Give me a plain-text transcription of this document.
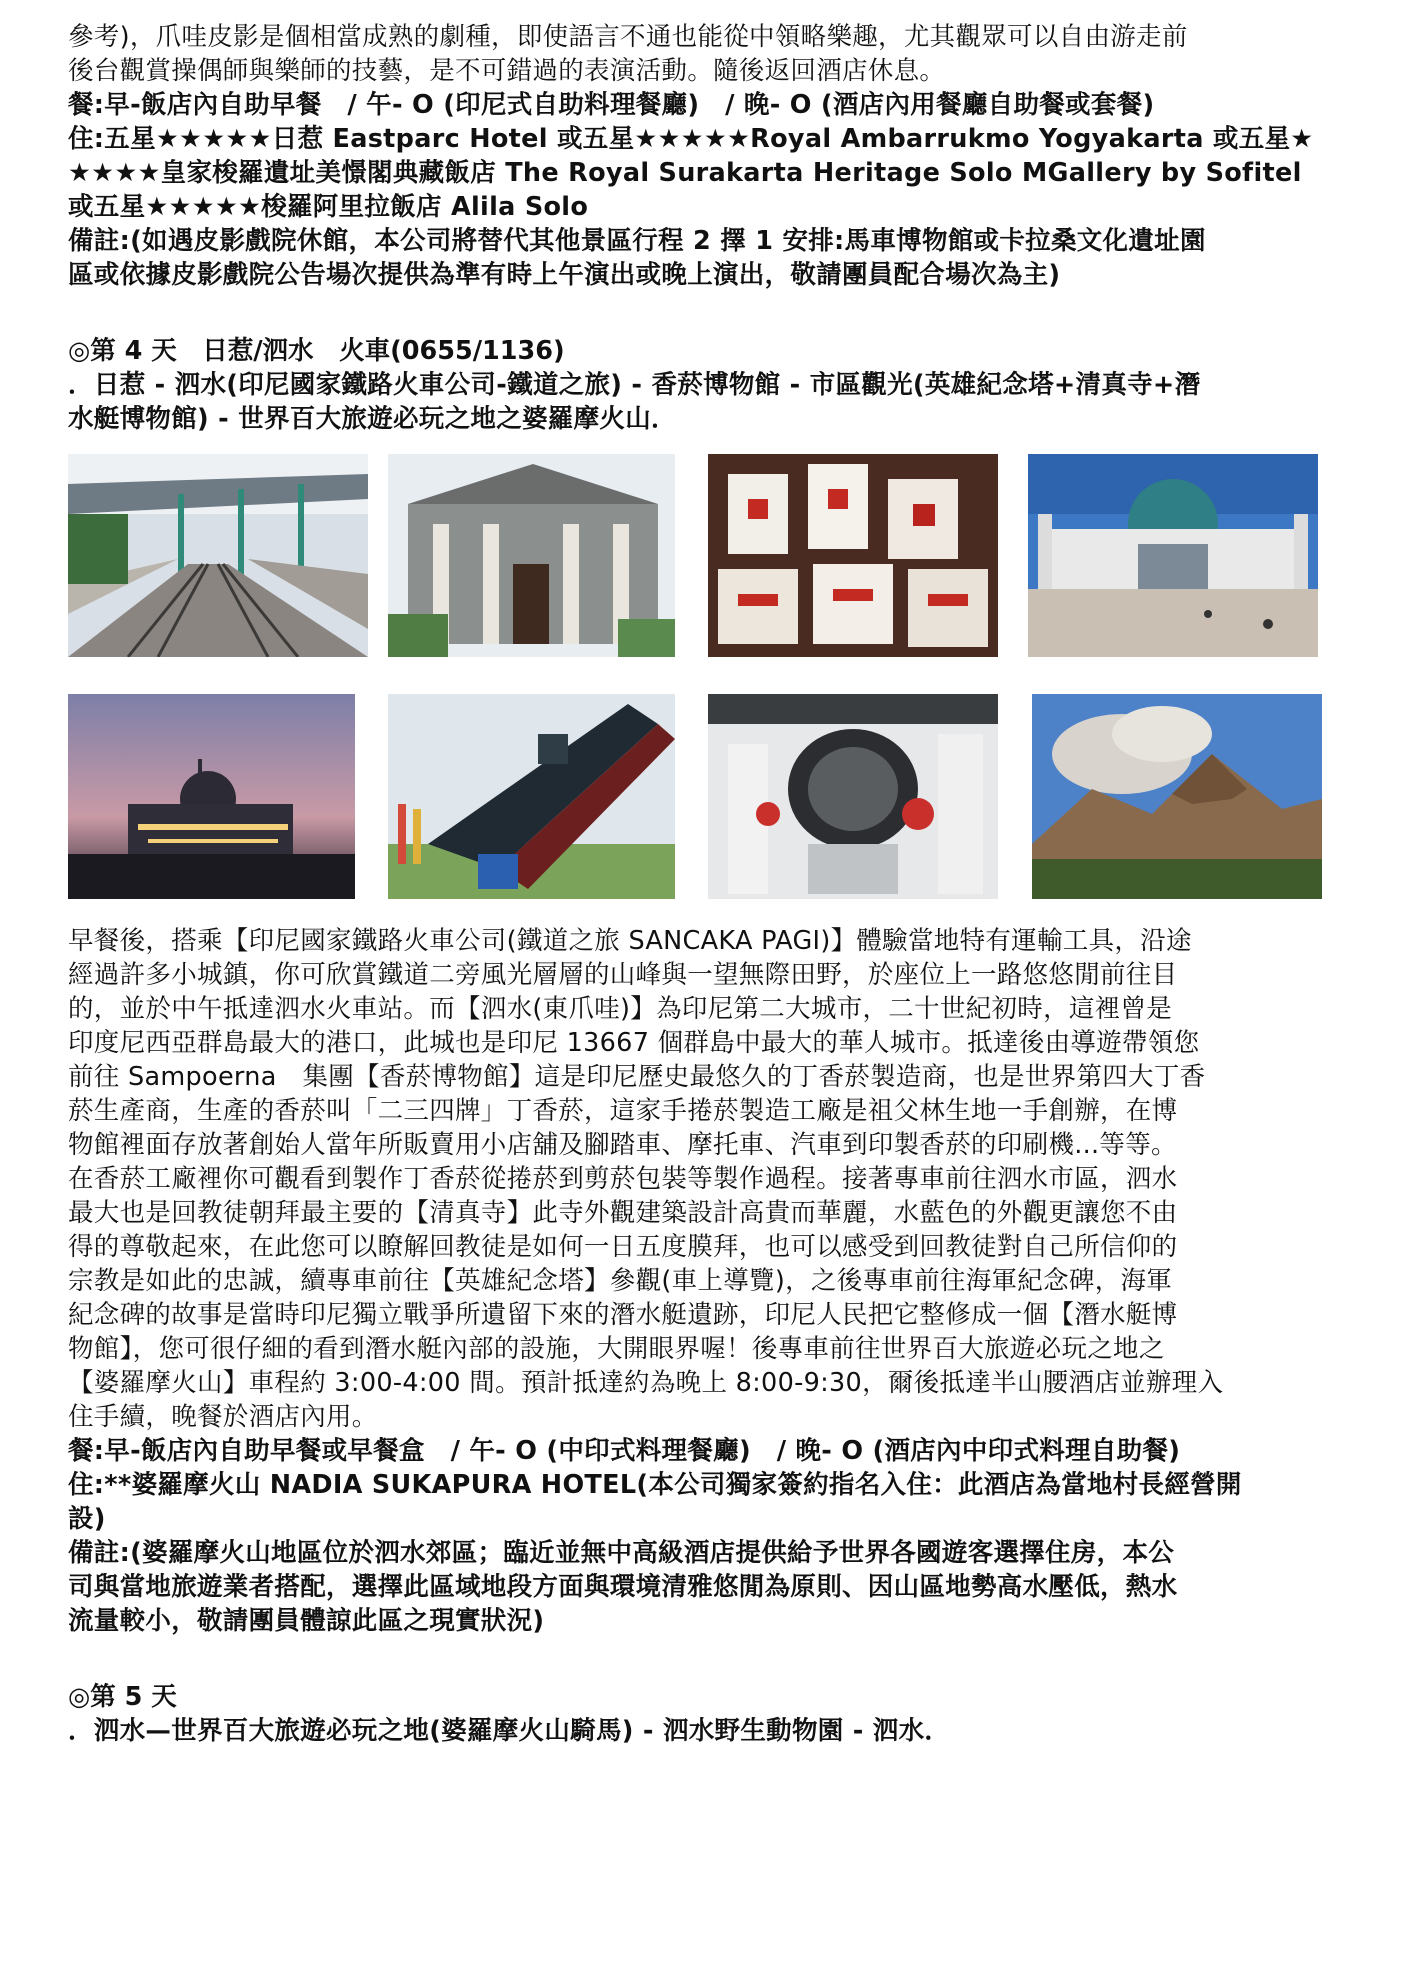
參考)，爪哇皮影是個相當成熟的劇種，即使語言不通也能從中領略樂趣，尤其觀眾可以自由游走前

後台觀賞操偶師與樂師的技藝，是不可錯過的表演活動。隨後返回酒店休息。

餐:早-飯店內自助早餐　/ 午- O (印尼式自助料理餐廳)　/ 晚- O (酒店內用餐廳自助餐或套餐)

住:五星★★★★★日惹 Eastparc Hotel 或五星★★★★★Royal Ambarrukmo Yogyakarta 或五星★

★★★★皇家梭羅遺址美憬閣典藏飯店 The Royal Surakarta Heritage Solo MGallery by Sofitel

或五星★★★★★梭羅阿里拉飯店 Alila Solo

備註:(如遇皮影戲院休館，本公司將替代其他景區行程 2 擇 1 安排:馬車博物館或卡拉桑文化遺址園

區或依據皮影戲院公告場次提供為準有時上午演出或晚上演出，敬請團員配合場次為主)

◎第 4 天　日惹/泗水　火車(0655/1136)

．日惹 - 泗水(印尼國家鐵路火車公司-鐵道之旅) - 香菸博物館 - 市區觀光(英雄紀念塔+清真寺+潛

水艇博物館) - 世界百大旅遊必玩之地之婆羅摩火山．

早餐後，搭乘【印尼國家鐵路火車公司(鐵道之旅 SANCAKA PAGI)】體驗當地特有運輸工具，沿途

經過許多小城鎮，你可欣賞鐵道二旁風光層層的山峰與一望無際田野，於座位上一路悠悠閒前往目

的，並於中午抵達泗水火車站。而【泗水(東爪哇)】為印尼第二大城市，二十世紀初時，這裡曾是

印度尼西亞群島最大的港口，此城也是印尼 13667 個群島中最大的華人城市。抵達後由導遊帶領您

前往 Sampoerna　集團【香菸博物館】這是印尼歷史最悠久的丁香菸製造商，也是世界第四大丁香

菸生產商，生產的香菸叫「二三四牌」丁香菸，這家手捲菸製造工廠是祖父林生地一手創辦，在博

物館裡面存放著創始人當年所販賣用小店舖及腳踏車、摩托車、汽車到印製香菸的印刷機...等等。

在香菸工廠裡你可觀看到製作丁香菸從捲菸到剪菸包裝等製作過程。接著專車前往泗水市區，泗水

最大也是回教徒朝拜最主要的【清真寺】此寺外觀建築設計高貴而華麗，水藍色的外觀更讓您不由

得的尊敬起來，在此您可以瞭解回教徒是如何一日五度膜拜，也可以感受到回教徒對自己所信仰的

宗教是如此的忠誠，續專車前往【英雄紀念塔】參觀(車上導覽)，之後專車前往海軍紀念碑，海軍

紀念碑的故事是當時印尼獨立戰爭所遺留下來的潛水艇遺跡，印尼人民把它整修成一個【潛水艇博

物館】，您可很仔細的看到潛水艇內部的設施，大開眼界喔！後專車前往世界百大旅遊必玩之地之

【婆羅摩火山】車程約 3:00-4:00 間。預計抵達約為晚上 8:00-9:30，爾後抵達半山腰酒店並辦理入

住手續，晚餐於酒店內用。

餐:早-飯店內自助早餐或早餐盒　/ 午- O (中印式料理餐廳)　/ 晚- O (酒店內中印式料理自助餐)

住:**婆羅摩火山 NADIA SUKAPURA HOTEL(本公司獨家簽約指名入住：此酒店為當地村長經營開

設)

備註:(婆羅摩火山地區位於泗水郊區；臨近並無中高級酒店提供給予世界各國遊客選擇住房，本公

司與當地旅遊業者搭配，選擇此區域地段方面與環境清雅悠閒為原則、因山區地勢高水壓低，熱水

流量較小，敬請團員體諒此區之現實狀況)

◎第 5 天

．泗水—世界百大旅遊必玩之地(婆羅摩火山騎馬) - 泗水野生動物園 - 泗水．
